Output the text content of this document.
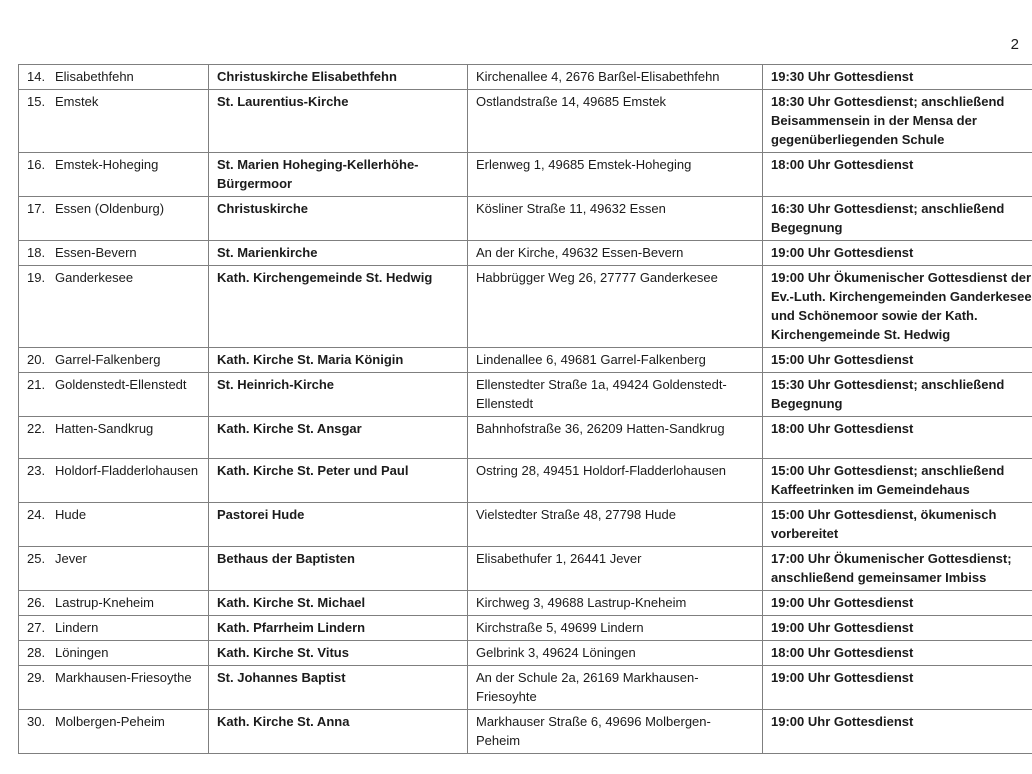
2
14. Elisabethfehn	Christuskirche Elisabethfehn	Kirchenallee 4, 2676 Barßel-Elisabethfehn	19:30 Uhr Gottesdienst

15. Emstek	St. Laurentius-Kirche	Ostlandstraße 14, 49685 Emstek	18:30 Uhr Gottesdienst; anschließend Beisammensein in der Mensa der gegenüberliegenden Schule

16. Emstek-Hoheging	St. Marien Hoheging-Kellerhöhe-Bürgermoor	Erlenweg 1, 49685 Emstek-Hoheging	18:00 Uhr Gottesdienst

17. Essen (Oldenburg)	Christuskirche	Kösliner Straße 11, 49632 Essen	16:30 Uhr Gottesdienst; anschließend Begegnung

18. Essen-Bevern	St. Marienkirche	An der Kirche, 49632 Essen-Bevern	19:00 Uhr Gottesdienst

19. Ganderkesee	Kath. Kirchengemeinde St. Hedwig	Habbrügger Weg 26, 27777 Ganderkesee	19:00 Uhr Ökumenischer Gottesdienst der Ev.-Luth. Kirchengemeinden Ganderkesee und Schönemoor sowie der Kath. Kirchengemeinde St. Hedwig

20. Garrel-Falkenberg	Kath. Kirche St. Maria Königin	Lindenallee 6, 49681 Garrel-Falkenberg	15:00 Uhr Gottesdienst

21. Goldenstedt-Ellenstedt	St. Heinrich-Kirche	Ellenstedter Straße 1a, 49424 Goldenstedt-Ellenstedt	15:30 Uhr Gottesdienst; anschließend Begegnung

22. Hatten-Sandkrug	Kath. Kirche St. Ansgar	Bahnhofstraße 36, 26209 Hatten-Sandkrug	18:00 Uhr Gottesdienst

23. Holdorf-Fladderlohausen	Kath. Kirche St. Peter und Paul	Ostring 28, 49451 Holdorf-Fladderlohausen	15:00 Uhr Gottesdienst; anschließend Kaffeetrinken im Gemeindehaus

24. Hude	Pastorei Hude	Vielstedter Straße 48, 27798 Hude	15:00 Uhr Gottesdienst, ökumenisch vorbereitet

25. Jever	Bethaus der Baptisten	Elisabethufer 1, 26441 Jever	17:00 Uhr Ökumenischer Gottesdienst; anschließend gemeinsamer Imbiss

26. Lastrup-Kneheim	Kath. Kirche St. Michael	Kirchweg 3, 49688 Lastrup-Kneheim	19:00 Uhr Gottesdienst

27. Lindern	Kath. Pfarrheim Lindern	Kirchstraße 5, 49699 Lindern	19:00 Uhr Gottesdienst

28. Löningen	Kath. Kirche St. Vitus	Gelbrink 3, 49624 Löningen	18:00 Uhr Gottesdienst

29. Markhausen-Friesoythe	St. Johannes Baptist	An der Schule 2a, 26169 Markhausen-Friesoyhte	19:00 Uhr Gottesdienst

30. Molbergen-Peheim	Kath. Kirche St. Anna	Markhauser Straße 6, 49696 Molbergen-Peheim	19:00 Uhr Gottesdienst
